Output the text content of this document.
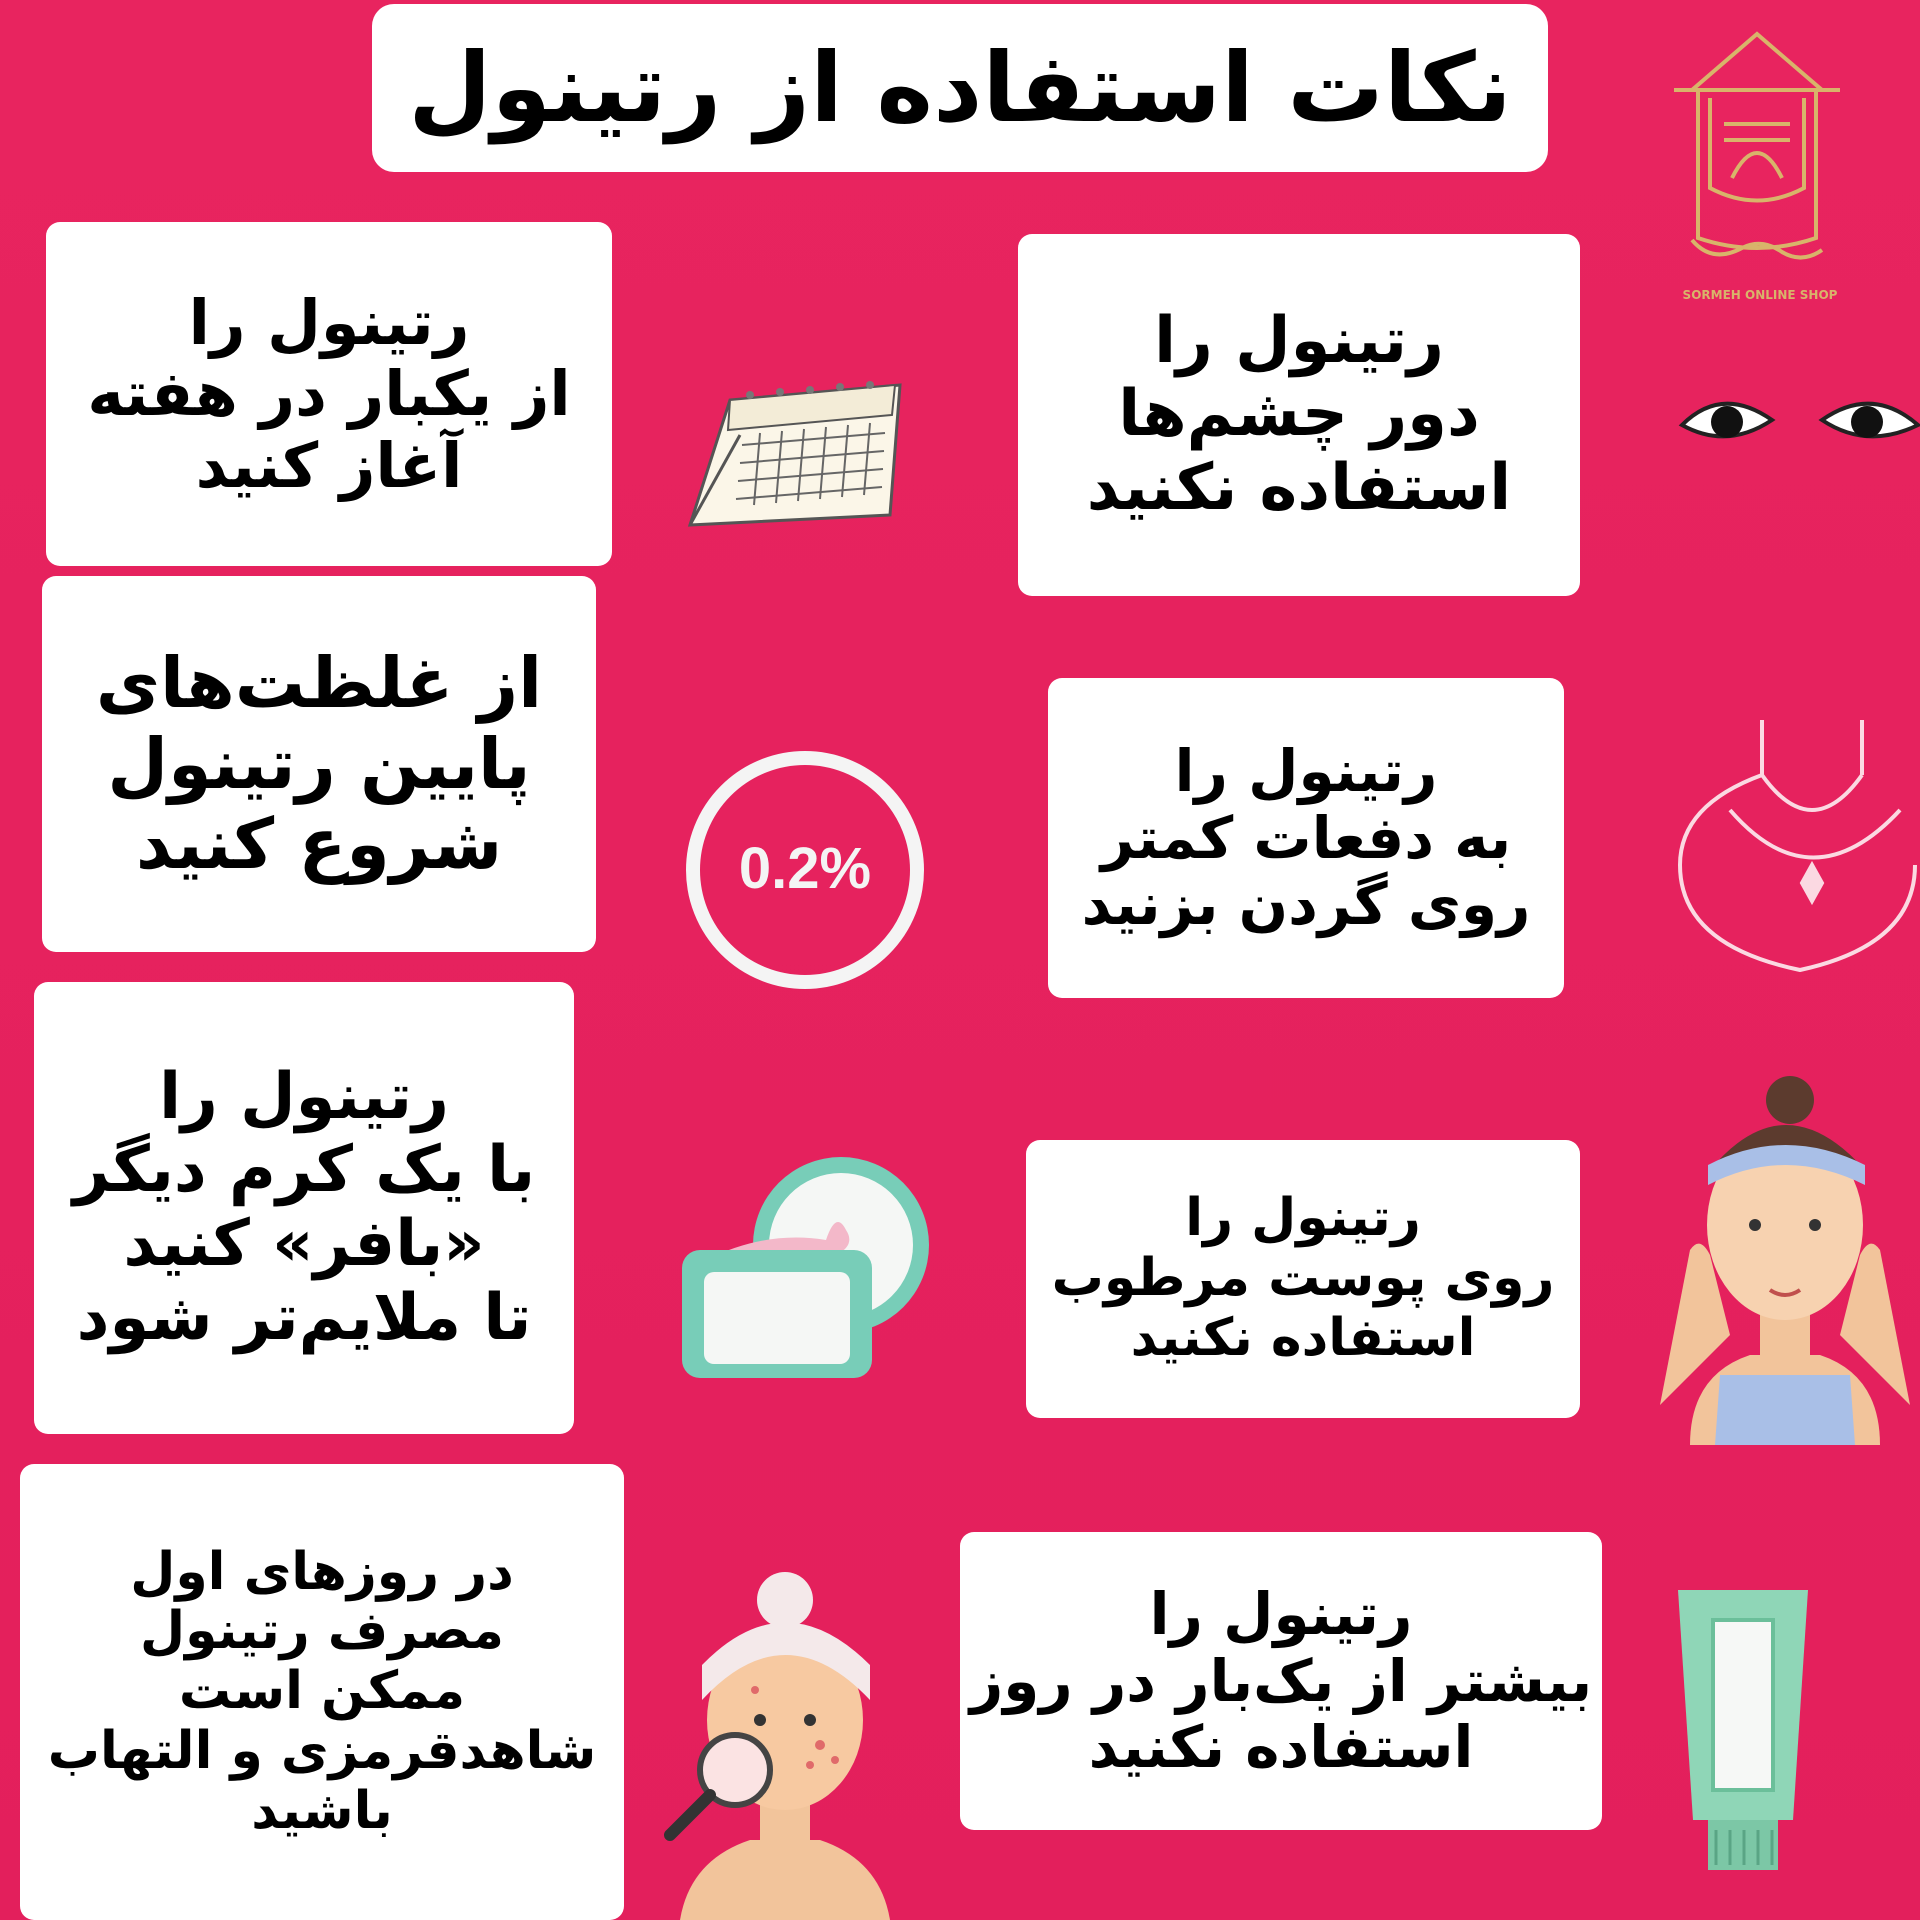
نکات استفاده از رتینول
SORMEH ONLINE SHOP
رتینول را
از یکبار در هفته
آغاز کنید
رتینول را
دور چشم‌ها
استفاده نکنید
از غلظت‌های
پایین رتینول
شروع کنید	0.2%
رتینول را
به دفعات کمتر
روی گردن بزنید
رتینول را
با یک کرم دیگر
«بافر» کنید
تا ملایم‌تر شود
رتینول را
روی پوست مرطوب
استفاده نکنید
در روزهای اول
مصرف رتینول
ممکن است
شاهدقرمزی و التهاب
باشید
رتینول را
بیشتر از یک‌بار در روز
استفاده نکنید
